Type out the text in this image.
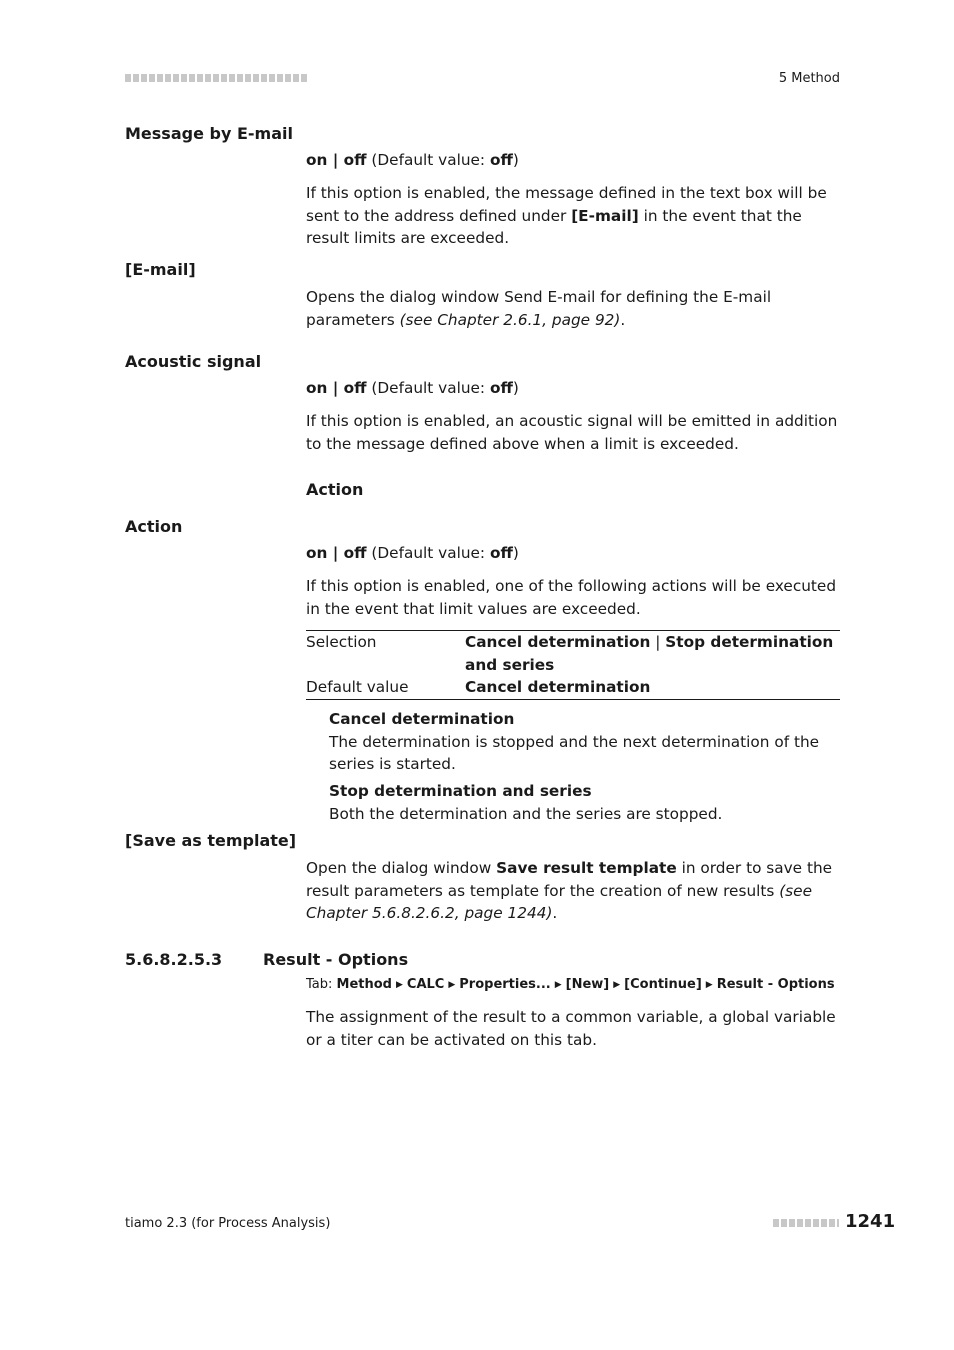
5 Method
Message by E-mail
on | off (Default value: off)
If this option is enabled, the message defined in the text box will be sent to the address defined under [E-mail] in the event that the result limits are exceeded.
[E-mail]
Opens the dialog window Send E-mail for defining the E-mail parameters (see Chapter 2.6.1, page 92).
Acoustic signal
on | off (Default value: off)
If this option is enabled, an acoustic signal will be emitted in addition to the message defined above when a limit is exceeded.
Action
Action
on | off (Default value: off)
If this option is enabled, one of the following actions will be executed in the event that limit values are exceeded.
Selection	Cancel determination | Stop determination and series
Default value	Cancel determination
Cancel determination
The determination is stopped and the next determination of the series is started.
Stop determination and series
Both the determination and the series are stopped.
[Save as template]
Open the dialog window Save result template in order to save the result parameters as template for the creation of new results (see Chapter 5.6.8.2.6.2, page 1244).
5.6.8.2.5.3	Result - Options
Tab: Method ▶ CALC ▶ Properties... ▶ [New] ▶ [Continue] ▶ Result - Options
The assignment of the result to a common variable, a global variable or a titer can be activated on this tab.
tiamo 2.3 (for Process Analysis)	1241
